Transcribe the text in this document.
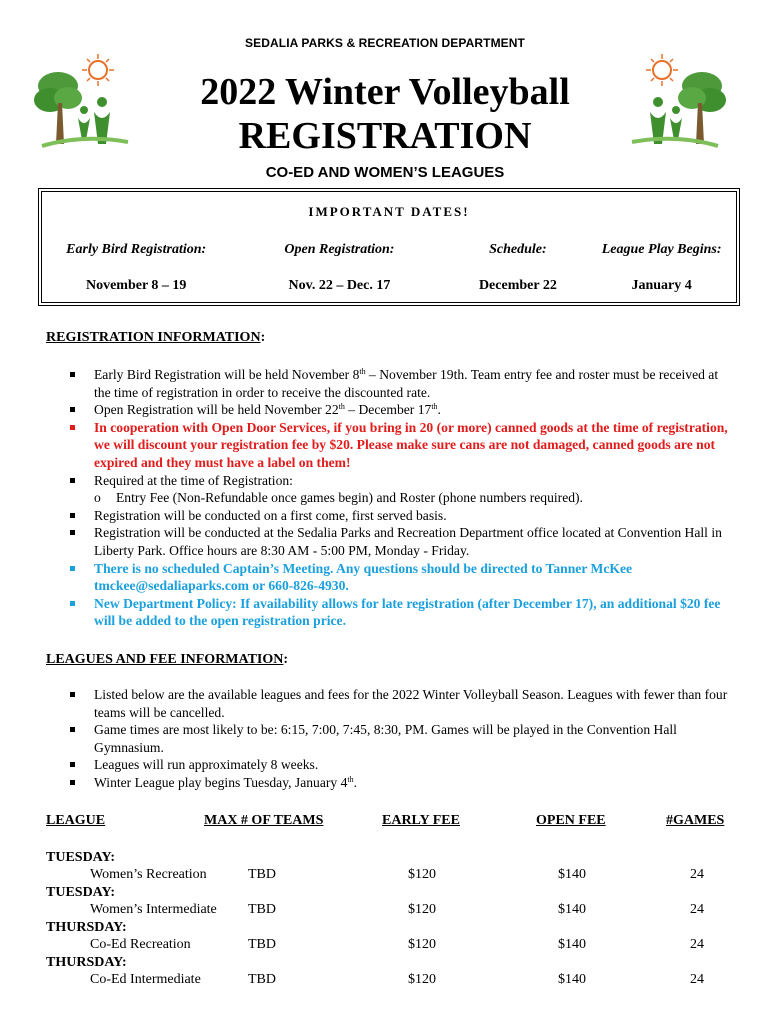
SEDALIA PARKS & RECREATION DEPARTMENT
2022 Winter Volleyball
REGISTRATION
CO-ED AND WOMEN’S LEAGUES
IMPORTANT DATES!
Early Bird Registration:	Open Registration:	Schedule:	League Play Begins:
November 8 – 19	Nov. 22 – Dec. 17	December 22	January 4
REGISTRATION INFORMATION:
Early Bird Registration will be held November 8th – November 19th. Team entry fee and roster must be received at the time of registration in order to receive the discounted rate.
Open Registration will be held November 22th – December 17th.
In cooperation with Open Door Services, if you bring in 20 (or more) canned goods at the time of registration, we will discount your registration fee by $20. Please make sure cans are not damaged, canned goods are not expired and they must have a label on them!
Required at the time of Registration:
o Entry Fee (Non-Refundable once games begin) and Roster (phone numbers required).
Registration will be conducted on a first come, first served basis.
Registration will be conducted at the Sedalia Parks and Recreation Department office located at Convention Hall in Liberty Park. Office hours are 8:30 AM - 5:00 PM, Monday - Friday.
There is no scheduled Captain’s Meeting. Any questions should be directed to Tanner McKee tmckee@sedaliaparks.com or 660-826-4930.
New Department Policy: If availability allows for late registration (after December 17), an additional $20 fee will be added to the open registration price.
LEAGUES AND FEE INFORMATION:
Listed below are the available leagues and fees for the 2022 Winter Volleyball Season. Leagues with fewer than four teams will be cancelled.
Game times are most likely to be: 6:15, 7:00, 7:45, 8:30, PM. Games will be played in the Convention Hall Gymnasium.
Leagues will run approximately 8 weeks.
Winter League play begins Tuesday, January 4th.
LEAGUE	MAX # OF TEAMS	EARLY FEE	OPEN FEE	#GAMES
TUESDAY:
Women’s Recreation	TBD	$120	$140	24
TUESDAY:
Women’s Intermediate TBD	$120	$140	24
THURSDAY:
Co-Ed Recreation	TBD	$120	$140	24
THURSDAY:
Co-Ed Intermediate	TBD	$120	$140	24
